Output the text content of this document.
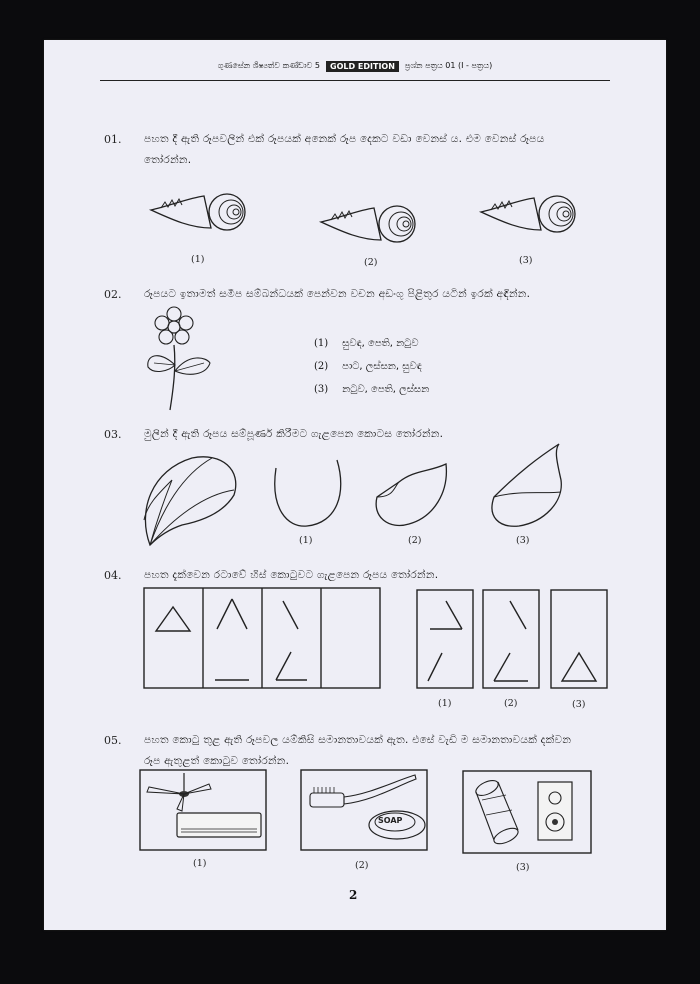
ගුණසේන ශිෂ්‍යත්ව කණ්ඩාව 5	GOLD EDITION	ප්‍රශ්න පත්‍රය 01 (I - පත්‍රය)
01. පහත දී ඇති රූපවලින් එක් රූපයක් අනෙක් රූප දෙකට වඩා වෙනස් ය. එම වෙනස් රූපය තෝරන්න.
(1)	(2)	(3)
02. රූපයට ඉතාමත් සමීප සම්බන්ධයක් පෙන්වන වචන අඩංගු පිළිතුර යටින් ඉරක් අඳින්න.
(1) සුවඳ, පෙති, නටුව
(2) පාට, ලස්සන, සුවඳ
(3) නටුව, පෙති, ලස්සන
03. මුලින් දී ඇති රූපය සම්පූර්ණ කිරීමට ගැළපෙන කොටස තෝරන්න.
(1)	(2)	(3)
04. පහත දැක්වෙන රටාවේ හිස් කොටුවට ගැළපෙන රූපය තෝරන්න.
(1)	(2)	(3)
05. පහත කොටු තුළ ඇති රූපවල යම්කිසි සමානතාවයක් ඇත. එසේ වැඩි ම සමානතාවයක් දක්වන රූප ඇතුළත් කොටුව තෝරන්න.
SOAP
(1)	(2)	(3)
2
